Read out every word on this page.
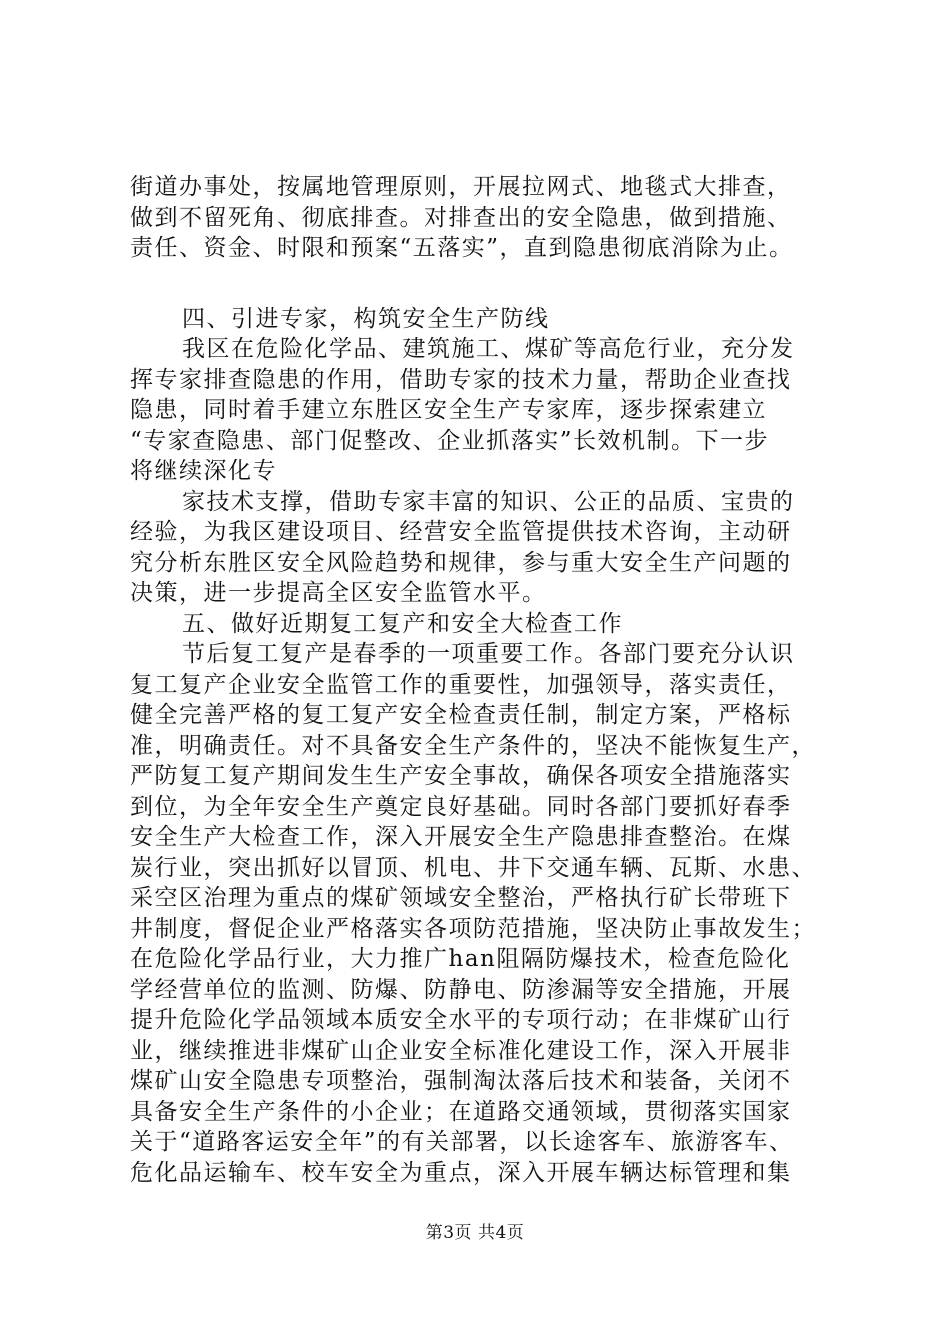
街道办事处，按属地管理原则，开展拉网式、地毯式大排查，
做到不留死角、彻底排查。对排查出的安全隐患，做到措施、
责任、资金、时限和预案“五落实”，直到隐患彻底消除为止。
四、引进专家，构筑安全生产防线
我区在危险化学品、建筑施工、煤矿等高危行业，充分发
挥专家排查隐患的作用，借助专家的技术力量，帮助企业查找
隐患，同时着手建立东胜区安全生产专家库，逐步探索建立
“专家查隐患、部门促整改、企业抓落实”长效机制。下一步
将继续深化专
家技术支撑，借助专家丰富的知识、公正的品质、宝贵的
经验，为我区建设项目、经营安全监管提供技术咨询，主动研
究分析东胜区安全风险趋势和规律，参与重大安全生产问题的
决策，进一步提高全区安全监管水平。
五、做好近期复工复产和安全大检查工作
节后复工复产是春季的一项重要工作。各部门要充分认识
复工复产企业安全监管工作的重要性，加强领导，落实责任，
健全完善严格的复工复产安全检查责任制，制定方案，严格标
准，明确责任。对不具备安全生产条件的，坚决不能恢复生产，
严防复工复产期间发生生产安全事故，确保各项安全措施落实
到位，为全年安全生产奠定良好基础。同时各部门要抓好春季
安全生产大检查工作，深入开展安全生产隐患排查整治。在煤
炭行业，突出抓好以冒顶、机电、井下交通车辆、瓦斯、水患、
采空区治理为重点的煤矿领域安全整治，严格执行矿长带班下
井制度，督促企业严格落实各项防范措施，坚决防止事故发生；
在危险化学品行业，大力推广han阻隔防爆技术，检查危险化
学经营单位的监测、防爆、防静电、防渗漏等安全措施，开展
提升危险化学品领域本质安全水平的专项行动；在非煤矿山行
业，继续推进非煤矿山企业安全标准化建设工作，深入开展非
煤矿山安全隐患专项整治，强制淘汰落后技术和装备，关闭不
具备安全生产条件的小企业；在道路交通领域，贯彻落实国家
关于“道路客运安全年”的有关部署，以长途客车、旅游客车、
危化品运输车、校车安全为重点，深入开展车辆达标管理和集
第3页 共4页
